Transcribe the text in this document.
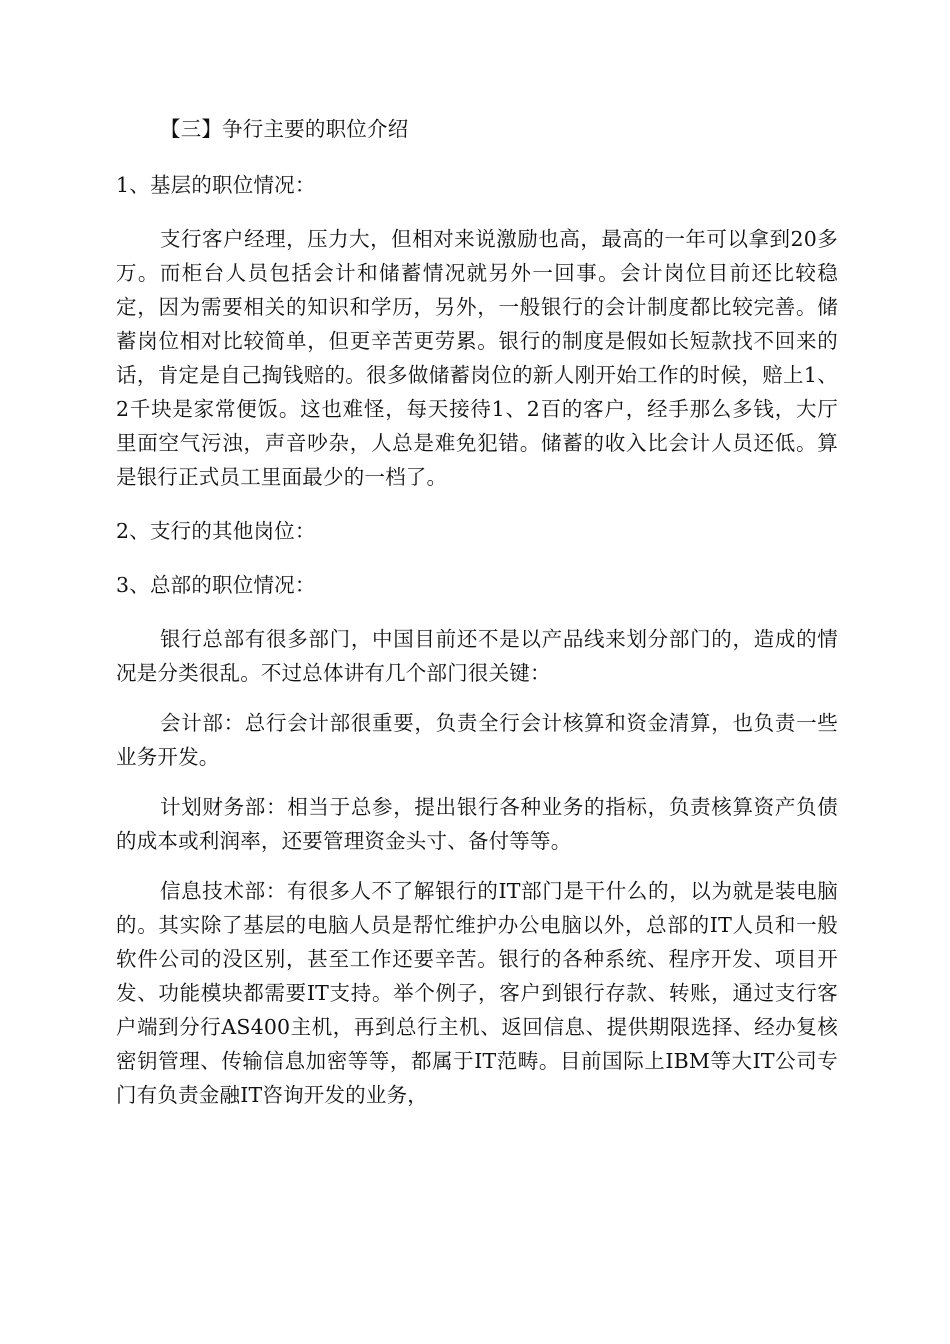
【三】争行主要的职位介绍
1、基层的职位情况：

支行客户经理，压力大，但相对来说激励也高，最高的一年可以拿到20多万。而柜台人员包括会计和储蓄情况就另外一回事。会计岗位目前还比较稳定，因为需要相关的知识和学历，另外，一般银行的会计制度都比较完善。储蓄岗位相对比较简单，但更辛苦更劳累。银行的制度是假如长短款找不回来的话，肯定是自己掏钱赔的。很多做储蓄岗位的新人刚开始工作的时候，赔上1、2千块是家常便饭。这也难怪，每天接待1、2百的客户，经手那么多钱，大厅里面空气污浊，声音吵杂，人总是难免犯错。储蓄的收入比会计人员还低。算是银行正式员工里面最少的一档了。

2、支行的其他岗位：
3、总部的职位情况：

银行总部有很多部门，中国目前还不是以产品线来划分部门的，造成的情况是分类很乱。不过总体讲有几个部门很关键：

会计部：总行会计部很重要，负责全行会计核算和资金清算，也负责一些业务开发。

计划财务部：相当于总参，提出银行各种业务的指标，负责核算资产负债的成本或利润率，还要管理资金头寸、备付等等。

信息技术部：有很多人不了解银行的IT部门是干什么的，以为就是装电脑的。其实除了基层的电脑人员是帮忙维护办公电脑以外，总部的IT人员和一般软件公司的没区别，甚至工作还要辛苦。银行的各种系统、程序开发、项目开发、功能模块都需要IT支持。举个例子，客户到银行存款、转账，通过支行客户端到分行AS400主机，再到总行主机、返回信息、提供期限选择、经办复核密钥管理、传输信息加密等等，都属于IT范畴。目前国际上IBM等大IT公司专门有负责金融IT咨询开发的业务，
